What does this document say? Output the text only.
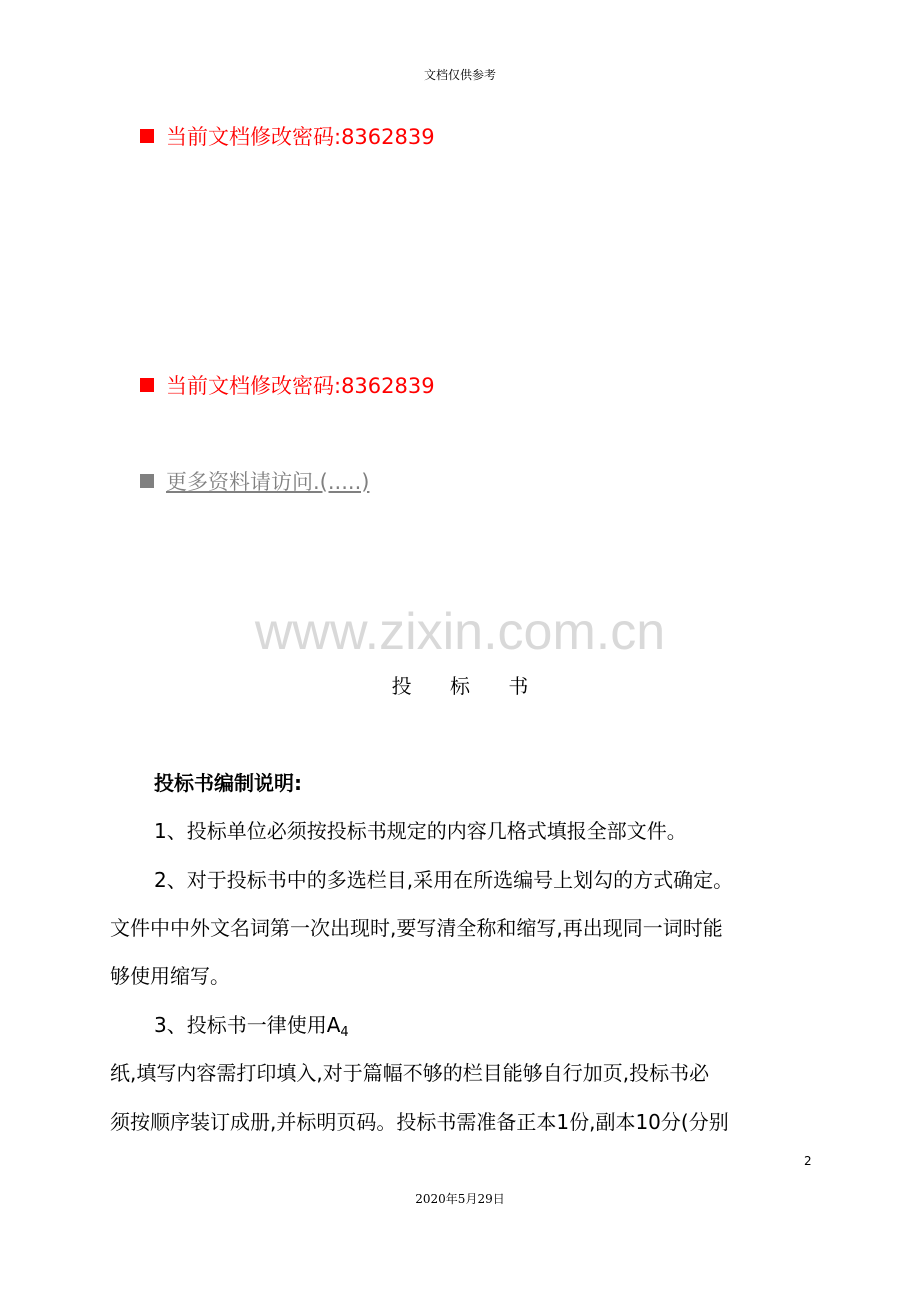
文档仅供参考
当前文档修改密码:8362839
当前文档修改密码:8362839
更多资料请访问.(.....)
www.zixin.com.cn
投 标 书
投标书编制说明:
1、投标单位必须按投标书规定的内容几格式填报全部文件。
2、对于投标书中的多选栏目,采用在所选编号上划勾的方式确定。
文件中中外文名词第一次出现时,要写清全称和缩写,再出现同一词时能
够使用缩写。
3、投标书一律使用$A_4$
纸,填写内容需打印填入,对于篇幅不够的栏目能够自行加页,投标书必
须按顺序装订成册,并标明页码。投标书需准备正本1份,副本10分(分别
2
2020年5月29日
